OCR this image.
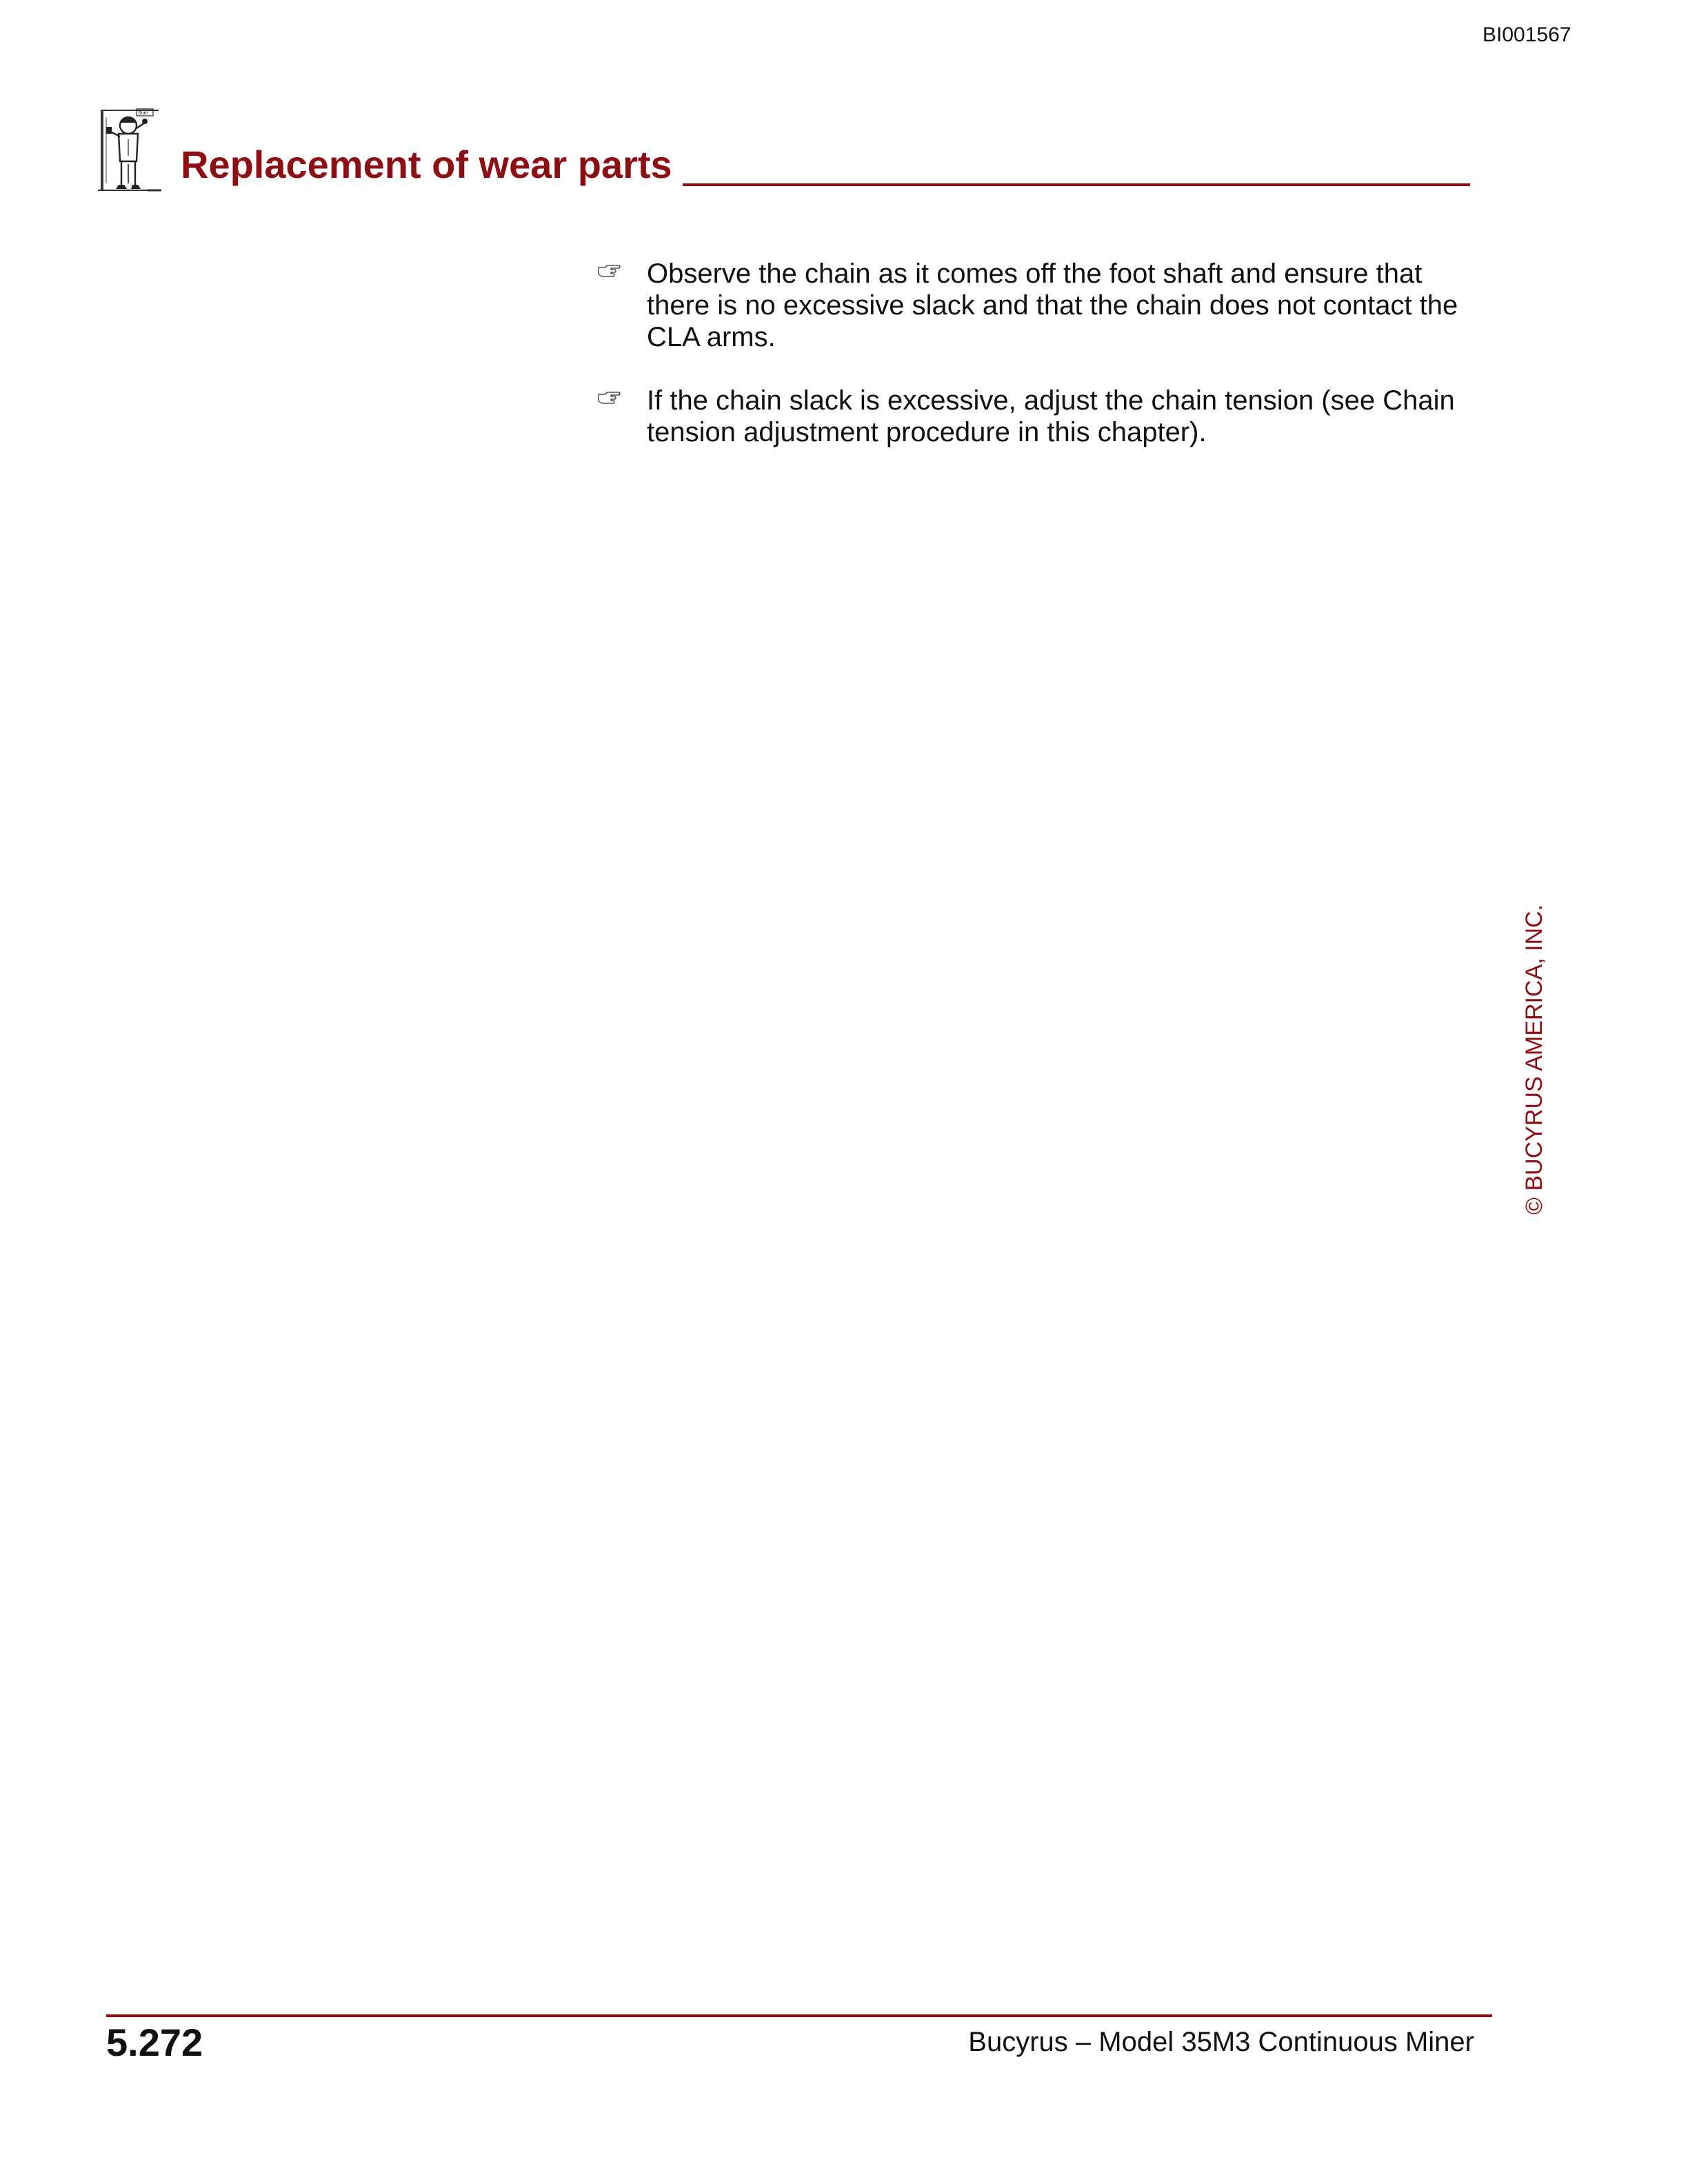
BI001567
Start
Replacement of wear parts
Observe the chain as it comes off the foot shaft and ensure that there is no excessive slack and that the chain does not contact the CLA arms.
If the chain slack is excessive, adjust the chain tension (see Chain tension adjustment procedure in this chapter).
© BUCYRUS AMERICA, INC.
5.272	Bucyrus – Model 35M3 Continuous Miner
